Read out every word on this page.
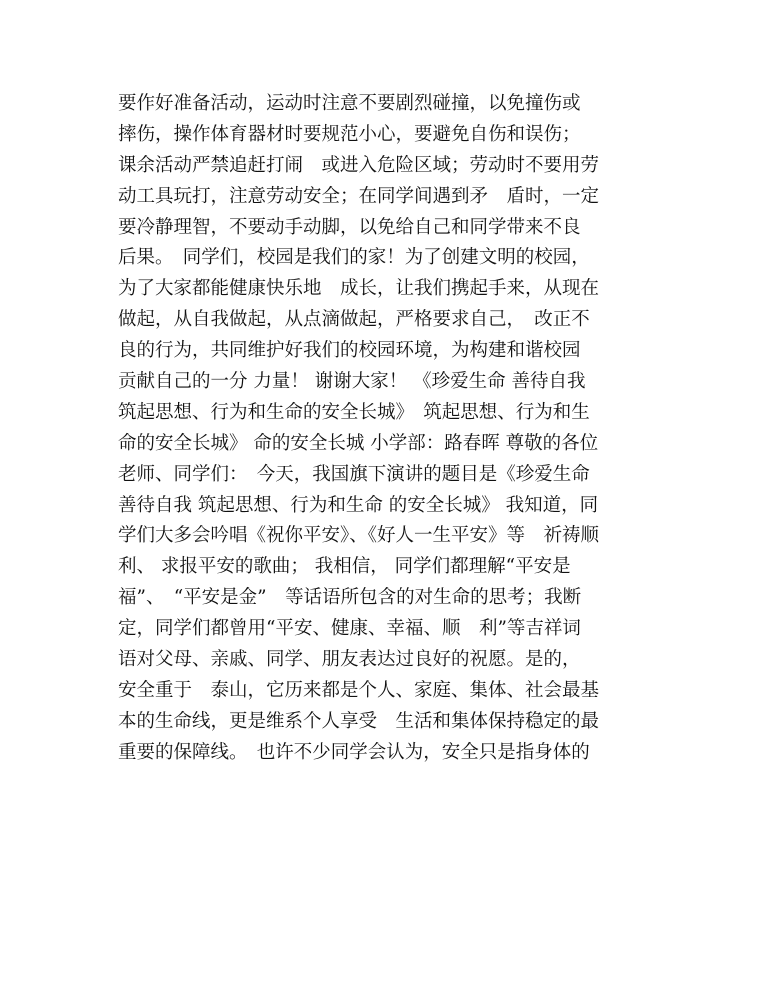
要作好准备活动，运动时注意不要剧烈碰撞，以免撞伤或
摔伤，操作体育器材时要规范小心，要避免自伤和误伤；
课余活动严禁追赶打闹　或进入危险区域；劳动时不要用劳
动工具玩打，注意劳动安全；在同学间遇到矛　盾时，一定
要冷静理智，不要动手动脚，以免给自己和同学带来不良
后果。　同学们，校园是我们的家！为了创建文明的校园，
为了大家都能健康快乐地　成长，让我们携起手来，从现在
做起，从自我做起，从点滴做起，严格要求自己，　改正不
良的行为，共同维护好我们的校园环境，为构建和谐校园
贡献自己的一分 力量！ 谢谢大家！ 《珍爱生命 善待自我
筑起思想、行为和生命的安全长城》　筑起思想、行为和生
命的安全长城》 命的安全长城 小学部：路春晖 尊敬的各位
老师、同学们：　今天，我国旗下演讲的题目是《珍爱生命
善待自我 筑起思想、行为和生命 的安全长城》 我知道，同
学们大多会吟唱《祝你平安》、《好人一生平安》等　祈祷顺
利、 求报平安的歌曲； 我相信， 同学们都理解“平安是
福”、　“平安是金”　等话语所包含的对生命的思考；我断
定，同学们都曾用“平安、健康、幸福、顺　利”等吉祥词
语对父母、亲戚、同学、朋友表达过良好的祝愿。是的，
安全重于　泰山，它历来都是个人、家庭、集体、社会最基
本的生命线，更是维系个人享受　生活和集体保持稳定的最
重要的保障线。　也许不少同学会认为，安全只是指身体的
